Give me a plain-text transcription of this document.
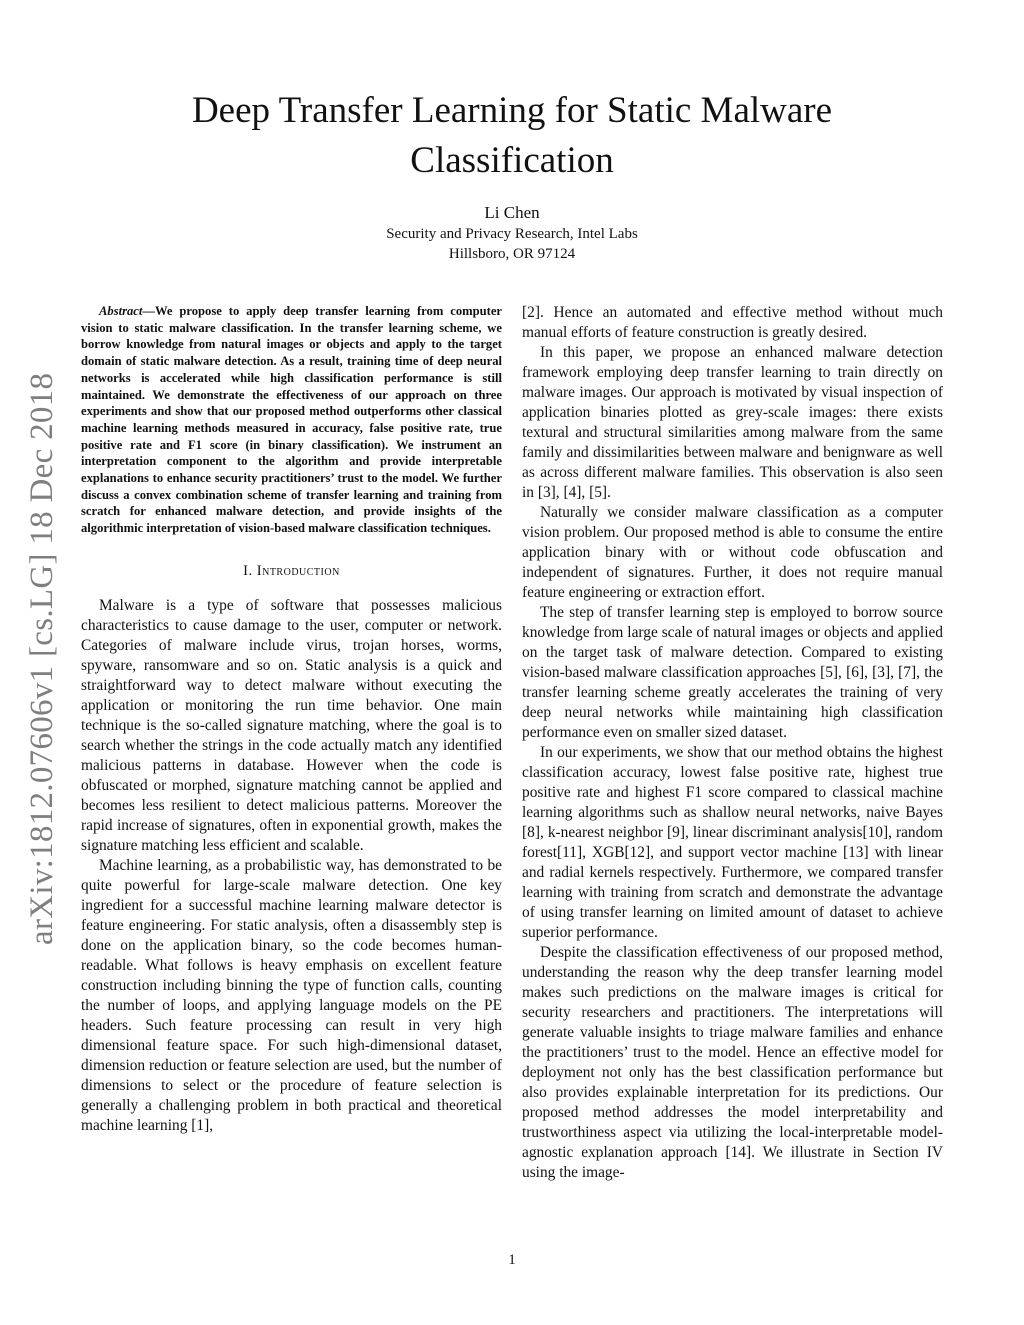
arXiv:1812.07606v1 [cs.LG] 18 Dec 2018
Deep Transfer Learning for Static Malware
Classification
Li Chen
Security and Privacy Research, Intel Labs
Hillsboro, OR 97124

Abstract—We propose to apply deep transfer learning from computer vision to static malware classification. In the transfer learning scheme, we borrow knowledge from natural images or objects and apply to the target domain of static malware detection. As a result, training time of deep neural networks is accelerated while high classification performance is still maintained. We demonstrate the effectiveness of our approach on three experiments and show that our proposed method outperforms other classical machine learning methods measured in accuracy, false positive rate, true positive rate and F1 score (in binary classification). We instrument an interpretation component to the algorithm and provide interpretable explanations to enhance security practitioners’ trust to the model. We further discuss a convex combination scheme of transfer learning and training from scratch for enhanced malware detection, and provide insights of the algorithmic interpretation of vision-based malware classification techniques.

I. Introduction

Malware is a type of software that possesses malicious characteristics to cause damage to the user, computer or network. Categories of malware include virus, trojan horses, worms, spyware, ransomware and so on. Static analysis is a quick and straightforward way to detect malware without executing the application or monitoring the run time behavior. One main technique is the so-called signature matching, where the goal is to search whether the strings in the code actually match any identified malicious patterns in database. However when the code is obfuscated or morphed, signature matching cannot be applied and becomes less resilient to detect malicious patterns. Moreover the rapid increase of signatures, often in exponential growth, makes the signature matching less efficient and scalable.

Machine learning, as a probabilistic way, has demonstrated to be quite powerful for large-scale malware detection. One key ingredient for a successful machine learning malware detector is feature engineering. For static analysis, often a disassembly step is done on the application binary, so the code becomes human-readable. What follows is heavy emphasis on excellent feature construction including binning the type of function calls, counting the number of loops, and applying language models on the PE headers. Such feature processing can result in very high dimensional feature space. For such high-dimensional dataset, dimension reduction or feature selection are used, but the number of dimensions to select or the procedure of feature selection is generally a challenging problem in both practical and theoretical machine learning [1],

[2]. Hence an automated and effective method without much manual efforts of feature construction is greatly desired.

In this paper, we propose an enhanced malware detection framework employing deep transfer learning to train directly on malware images. Our approach is motivated by visual inspection of application binaries plotted as grey-scale images: there exists textural and structural similarities among malware from the same family and dissimilarities between malware and benignware as well as across different malware families. This observation is also seen in [3], [4], [5].

Naturally we consider malware classification as a computer vision problem. Our proposed method is able to consume the entire application binary with or without code obfuscation and independent of signatures. Further, it does not require manual feature engineering or extraction effort.

The step of transfer learning step is employed to borrow source knowledge from large scale of natural images or objects and applied on the target task of malware detection. Compared to existing vision-based malware classification approaches [5], [6], [3], [7], the transfer learning scheme greatly accelerates the training of very deep neural networks while maintaining high classification performance even on smaller sized dataset.

In our experiments, we show that our method obtains the highest classification accuracy, lowest false positive rate, highest true positive rate and highest F1 score compared to classical machine learning algorithms such as shallow neural networks, naive Bayes [8], k-nearest neighbor [9], linear discriminant analysis[10], random forest[11], XGB[12], and support vector machine [13] with linear and radial kernels respectively. Furthermore, we compared transfer learning with training from scratch and demonstrate the advantage of using transfer learning on limited amount of dataset to achieve superior performance.

Despite the classification effectiveness of our proposed method, understanding the reason why the deep transfer learning model makes such predictions on the malware images is critical for security researchers and practitioners. The interpretations will generate valuable insights to triage malware families and enhance the practitioners’ trust to the model. Hence an effective model for deployment not only has the best classification performance but also provides explainable interpretation for its predictions. Our proposed method addresses the model interpretability and trustworthiness aspect via utilizing the local-interpretable model-agnostic explanation approach [14]. We illustrate in Section IV using the image-

1
